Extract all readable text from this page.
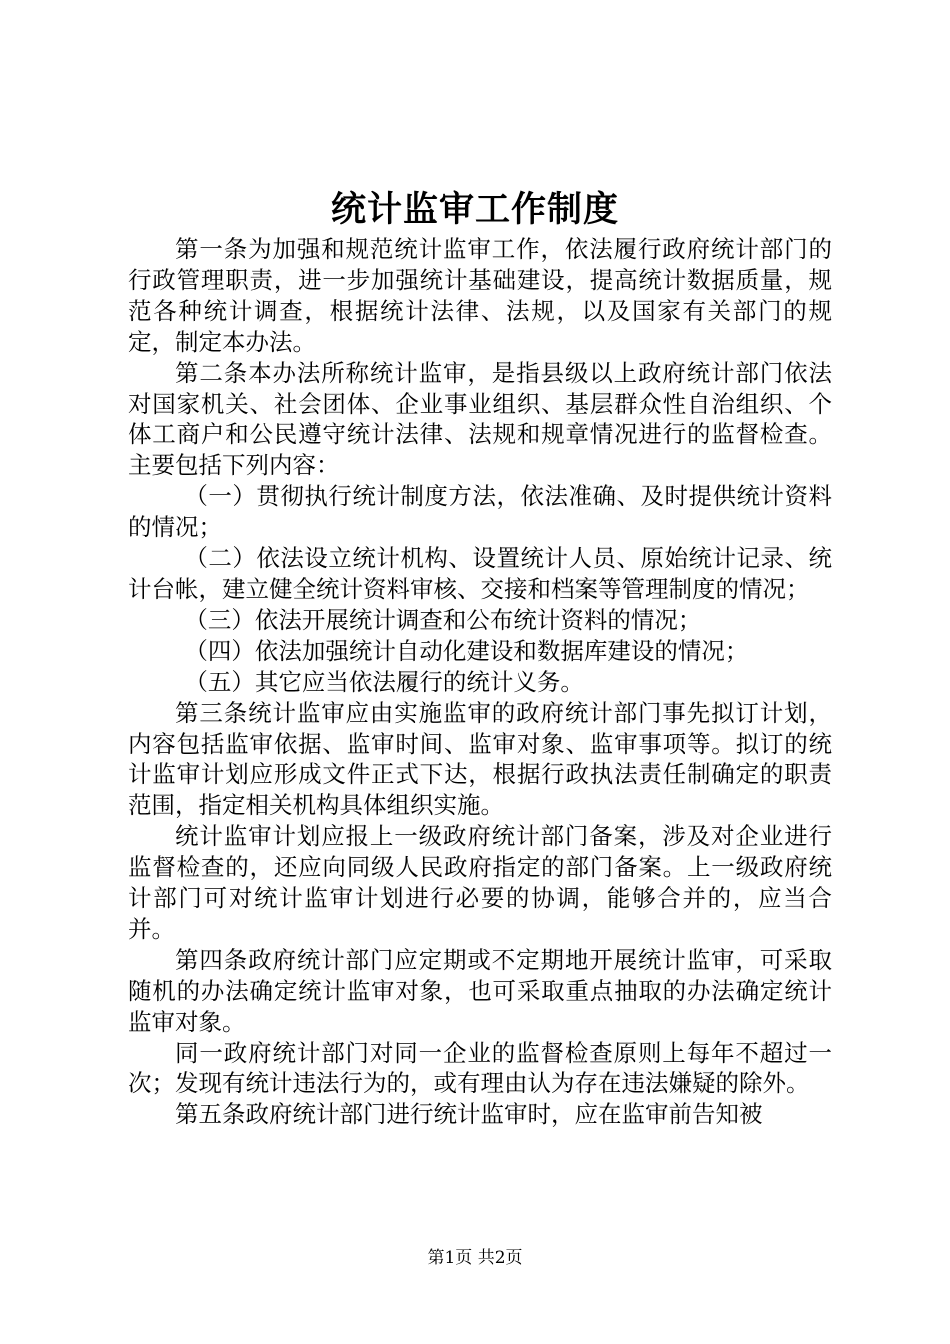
统计监审工作制度

第一条为加强和规范统计监审工作，依法履行政府统计部门的行政管理职责，进一步加强统计基础建设，提高统计数据质量，规范各种统计调查，根据统计法律、法规，以及国家有关部门的规定，制定本办法。

第二条本办法所称统计监审，是指县级以上政府统计部门依法对国家机关、社会团体、企业事业组织、基层群众性自治组织、个体工商户和公民遵守统计法律、法规和规章情况进行的监督检查。主要包括下列内容：

（一）贯彻执行统计制度方法，依法准确、及时提供统计资料的情况；

（二）依法设立统计机构、设置统计人员、原始统计记录、统计台帐，建立健全统计资料审核、交接和档案等管理制度的情况；

（三）依法开展统计调查和公布统计资料的情况；

（四）依法加强统计自动化建设和数据库建设的情况；

（五）其它应当依法履行的统计义务。

第三条统计监审应由实施监审的政府统计部门事先拟订计划，内容包括监审依据、监审时间、监审对象、监审事项等。拟订的统计监审计划应形成文件正式下达，根据行政执法责任制确定的职责范围，指定相关机构具体组织实施。

统计监审计划应报上一级政府统计部门备案，涉及对企业进行监督检查的，还应向同级人民政府指定的部门备案。上一级政府统计部门可对统计监审计划进行必要的协调，能够合并的，应当合并。

第四条政府统计部门应定期或不定期地开展统计监审，可采取随机的办法确定统计监审对象，也可采取重点抽取的办法确定统计监审对象。

同一政府统计部门对同一企业的监督检查原则上每年不超过一次；发现有统计违法行为的，或有理由认为存在违法嫌疑的除外。

第五条政府统计部门进行统计监审时，应在监审前告知被

第1页 共2页
